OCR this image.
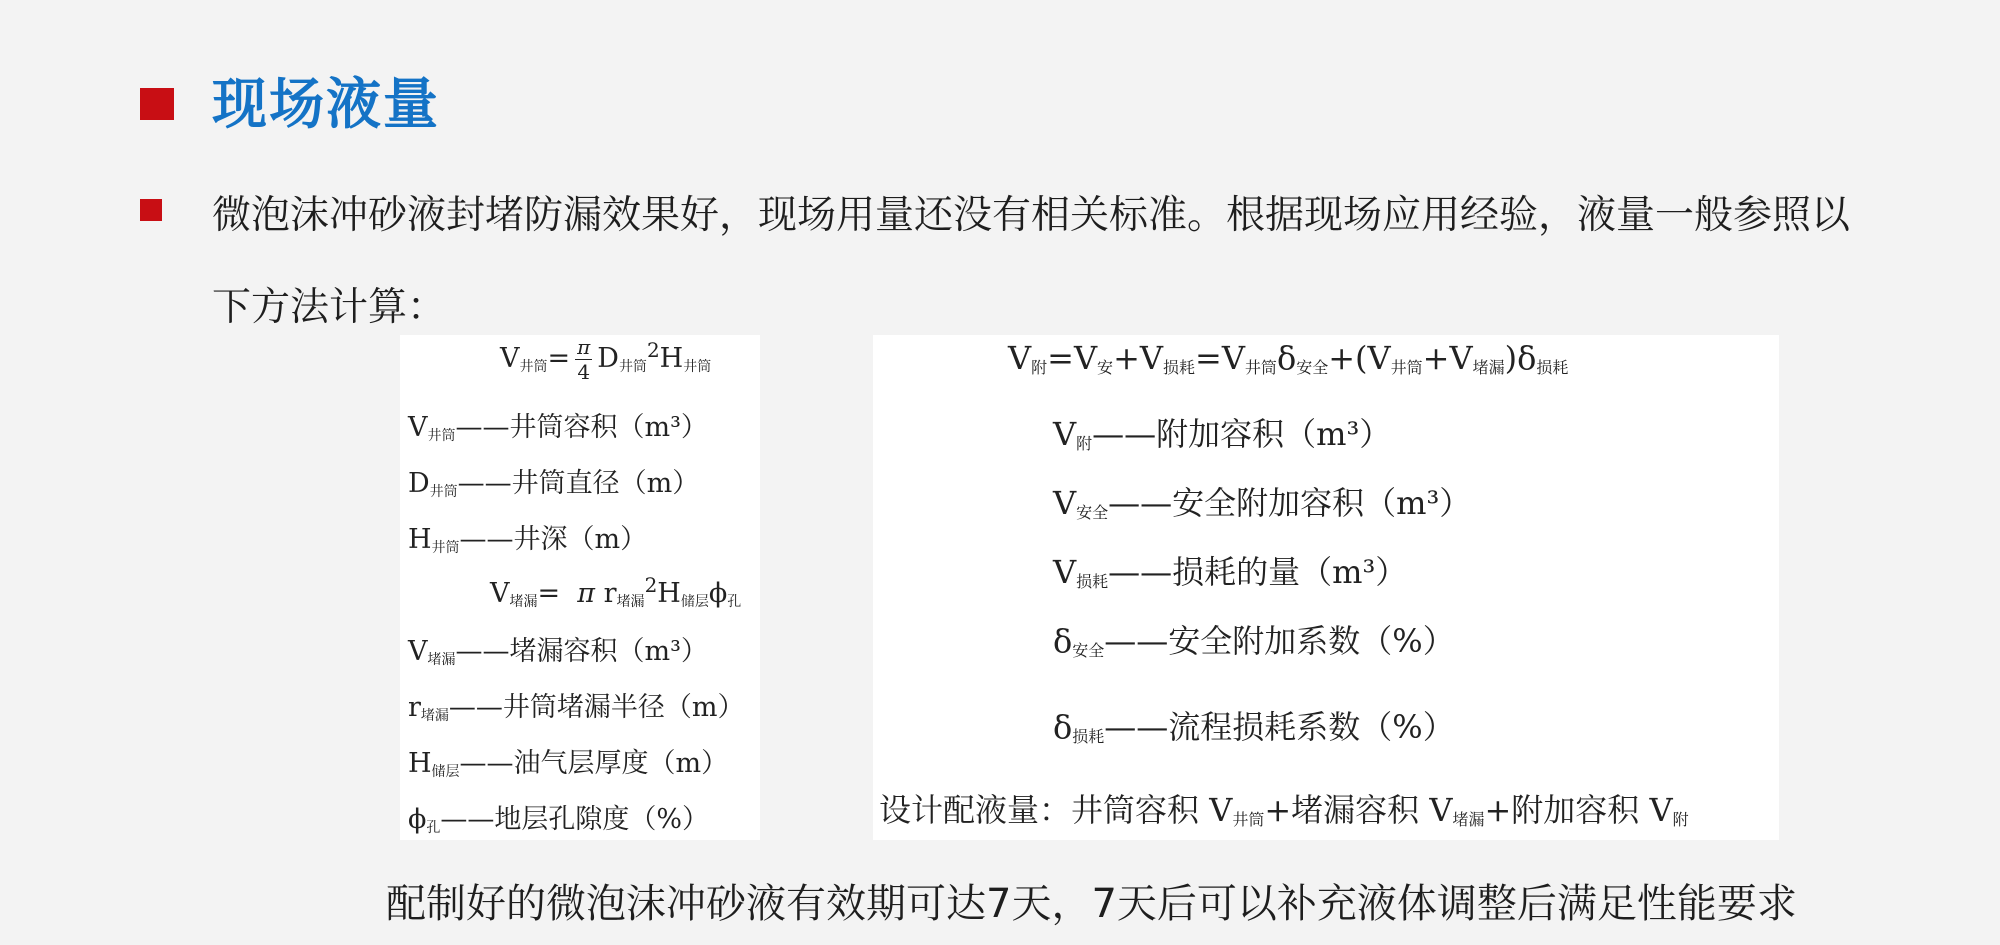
现场液量

微泡沫冲砂液封堵防漏效果好，现场用量还没有相关标准。根据现场应用经验，液量一般参照以下方法计算：

$V_{井筒}= \frac{\pi}{4} D_{井筒}^2H_{井筒}$
$V_{井筒}——$井筒容积（m³）
$D_{井筒}——$井筒直径（m）
$H_{井筒}——$井深（m）
$V_{堵漏}= \pi$ $r_{堵漏}^2H_{储层}\phi_孔$
$V_{堵漏}——$堵漏容积（m³）
$r_{堵漏}——$井筒堵漏半径（m）
$H_{储层}——$油气层厚度（m）
$\phi_孔——$地层孔隙度（%）
$V_附=V_安+V_{损耗}=V_{井筒}\delta_{安全}+(V_{井筒}+V_{堵漏})\delta_{损耗}$
$V_附——$附加容积（m³）
$V_{安全}——$安全附加容积（m³）
$V_{损耗}——$损耗的量（m³）
$\delta_{安全}——$安全附加系数（%）
$\delta_{损耗}——$流程损耗系数（%）
设计配液量：井筒容积 $V_{井筒}+$堵漏容积 $V_{堵漏}+$附加容积 $V_附$

配制好的微泡沫冲砂液有效期可达7天，7天后可以补充液体调整后满足性能要求
